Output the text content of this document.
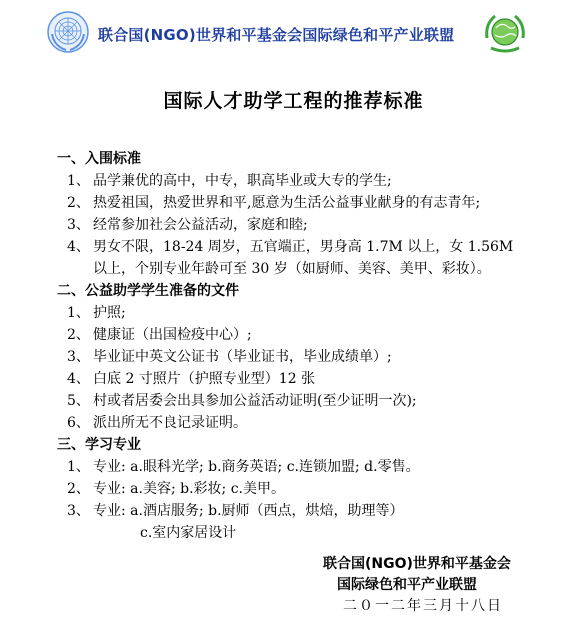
联合国(NGO)世界和平基金会国际绿色和平产业联盟
国际人才助学工程的推荐标准
一、入围标准
1、 品学兼优的高中，中专，职高毕业或大专的学生;
2、 热爱祖国，热爱世界和平,愿意为生活公益事业献身的有志青年;
3、 经常参加社会公益活动，家庭和睦;
4、 男女不限，18-24 周岁，五官端正，男身高 1.7M 以上，女 1.56M
以上，个别专业年龄可至 30 岁（如厨师、美容、美甲、彩妆）。
二、公益助学学生准备的文件
1、 护照;
2、 健康证（出国检疫中心）;
3、 毕业证中英文公证书（毕业证书，毕业成绩单）;
4、 白底 2 寸照片（护照专业型）12 张
5、 村或者居委会出具参加公益活动证明(至少证明一次);
6、 派出所无不良记录证明。
三、学习专业
1、 专业: a.眼科光学; b.商务英语; c.连锁加盟; d.零售。
2、 专业: a.美容; b.彩妆; c.美甲。
3、 专业: a.酒店服务; b.厨师（西点，烘焙，助理等）
c.室内家居设计
联合国(NGO)世界和平基金会
国际绿色和平产业联盟
二０一二年三月十八日
